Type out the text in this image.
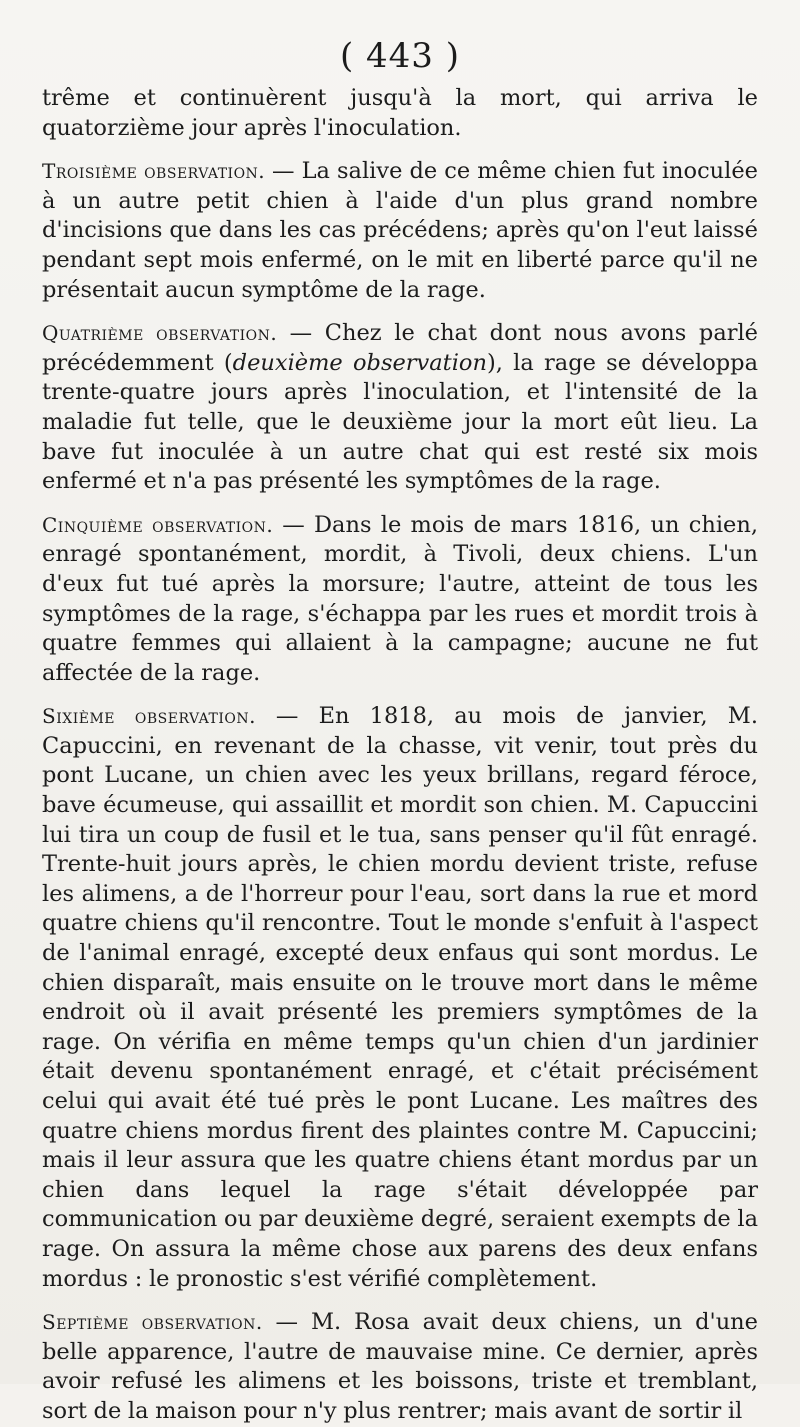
( 443 )

trême et continuèrent jusqu'à la mort, qui arriva le quatorzième jour après l'inoculation.

Troisième observation. — La salive de ce même chien fut inoculée à un autre petit chien à l'aide d'un plus grand nombre d'incisions que dans les cas précédens; après qu'on l'eut laissé pendant sept mois enfermé, on le mit en liberté parce qu'il ne présentait aucun symptôme de la rage.

Quatrième observation. — Chez le chat dont nous avons parlé précédemment (deuxième observation), la rage se développa trente-quatre jours après l'inoculation, et l'intensité de la maladie fut telle, que le deuxième jour la mort eût lieu. La bave fut inoculée à un autre chat qui est resté six mois enfermé et n'a pas présenté les symptômes de la rage.

Cinquième observation. — Dans le mois de mars 1816, un chien, enragé spontanément, mordit, à Tivoli, deux chiens. L'un d'eux fut tué après la morsure; l'autre, atteint de tous les symptômes de la rage, s'échappa par les rues et mordit trois à quatre femmes qui allaient à la campagne; aucune ne fut affectée de la rage.

Sixième observation. — En 1818, au mois de janvier, M. Capuccini, en revenant de la chasse, vit venir, tout près du pont Lucane, un chien avec les yeux brillans, regard féroce, bave écumeuse, qui assaillit et mordit son chien. M. Capuccini lui tira un coup de fusil et le tua, sans penser qu'il fût enragé. Trente-huit jours après, le chien mordu devient triste, refuse les alimens, a de l'horreur pour l'eau, sort dans la rue et mord quatre chiens qu'il rencontre. Tout le monde s'enfuit à l'aspect de l'animal enragé, excepté deux enfaus qui sont mordus. Le chien disparaît, mais ensuite on le trouve mort dans le même endroit où il avait présenté les premiers symptômes de la rage. On vérifia en même temps qu'un chien d'un jardinier était devenu spontanément enragé, et c'était précisément celui qui avait été tué près le pont Lucane. Les maîtres des quatre chiens mordus firent des plaintes contre M. Capuccini; mais il leur assura que les quatre chiens étant mordus par un chien dans lequel la rage s'était développée par communication ou par deuxième degré, seraient exempts de la rage. On assura la même chose aux parens des deux enfans mordus : le pronostic s'est vérifié complètement.

Septième observation. — M. Rosa avait deux chiens, un d'une belle apparence, l'autre de mauvaise mine. Ce dernier, après avoir refusé les alimens et les boissons, triste et tremblant, sort de la maison pour n'y plus rentrer; mais avant de sortir il
